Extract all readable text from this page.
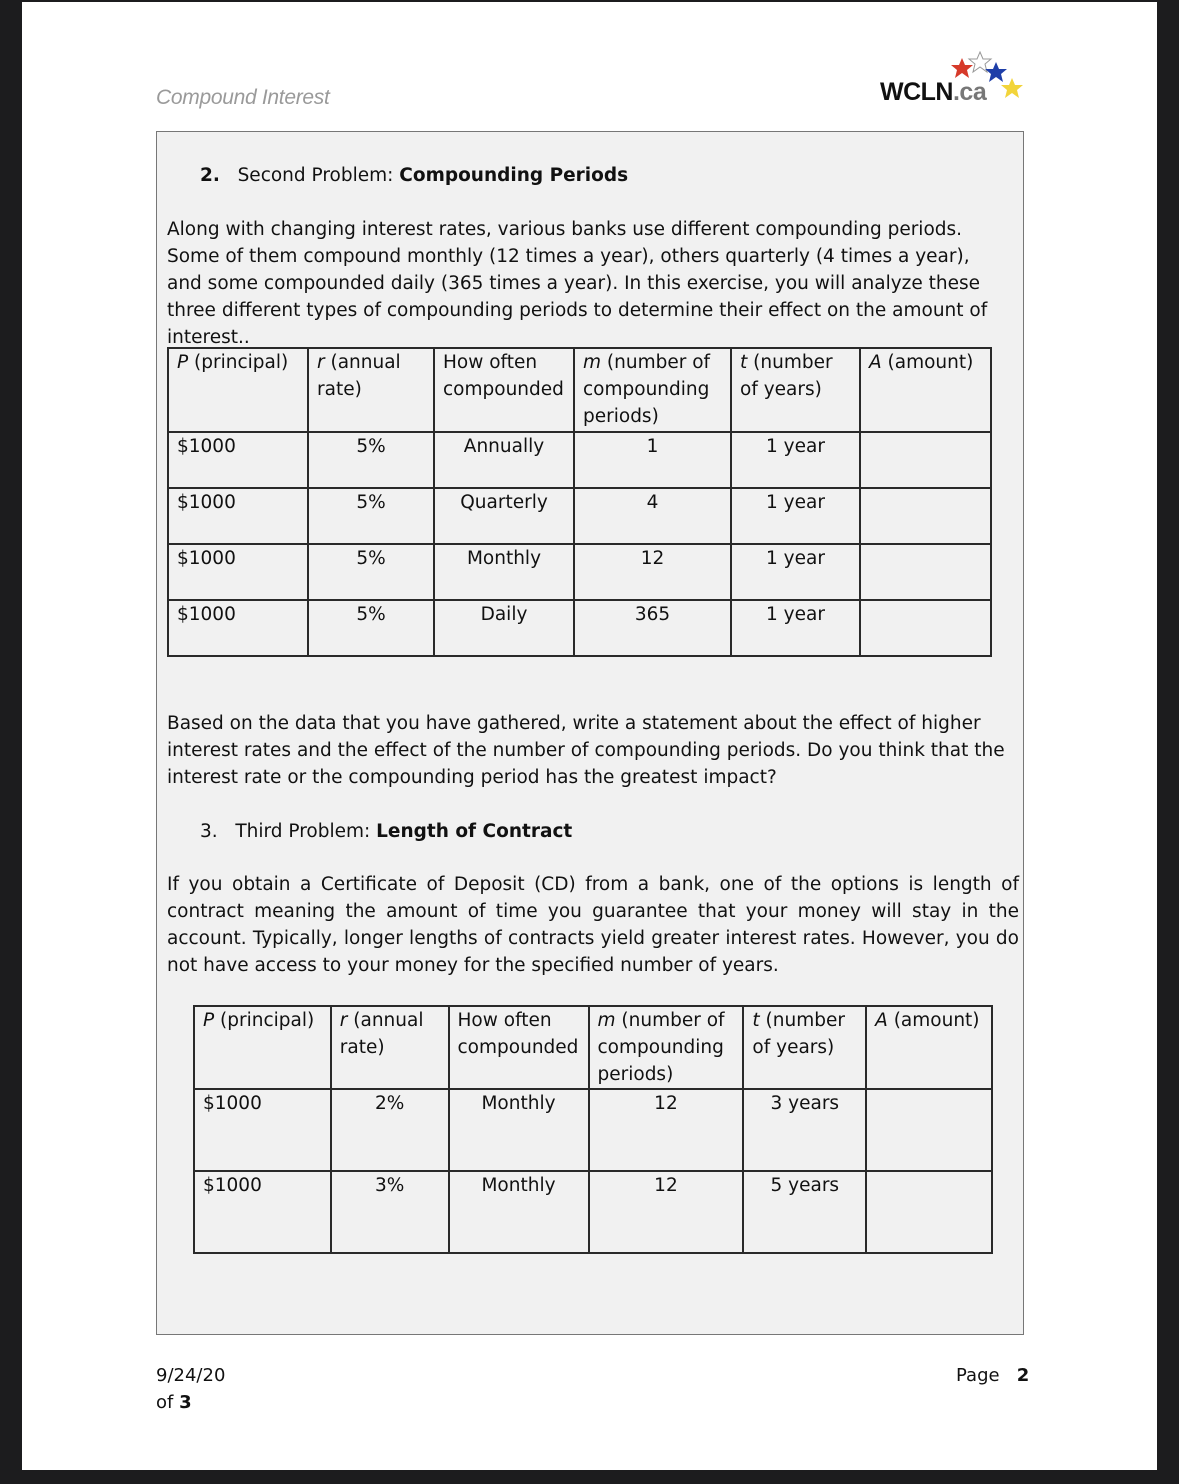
Compound Interest	WCLN.ca
2. Second Problem: Compounding Periods
Along with changing interest rates, various banks use different compounding periods. Some of them compound monthly (12 times a year), others quarterly (4 times a year), and some compounded daily (365 times a year). In this exercise, you will analyze these three different types of compounding periods to determine their effect on the amount of interest..
P (principal)	r (annual rate)	How often compounded	m (number of compounding periods)	t (number of years)	A (amount)
$1000	5%	Annually	1	1 year	
$1000	5%	Quarterly	4	1 year	
$1000	5%	Monthly	12	1 year	
$1000	5%	Daily	365	1 year	
Based on the data that you have gathered, write a statement about the effect of higher interest rates and the effect of the number of compounding periods. Do you think that the interest rate or the compounding period has the greatest impact?
3. Third Problem: Length of Contract
If you obtain a Certificate of Deposit (CD) from a bank, one of the options is length of contract meaning the amount of time you guarantee that your money will stay in the account. Typically, longer lengths of contracts yield greater interest rates. However, you do not have access to your money for the specified number of years.
P (principal)	r (annual rate)	How often compounded	m (number of compounding periods)	t (number of years)	A (amount)
$1000	2%	Monthly	12	3 years	
$1000	3%	Monthly	12	5 years	
9/24/20
of 3
Page 2
